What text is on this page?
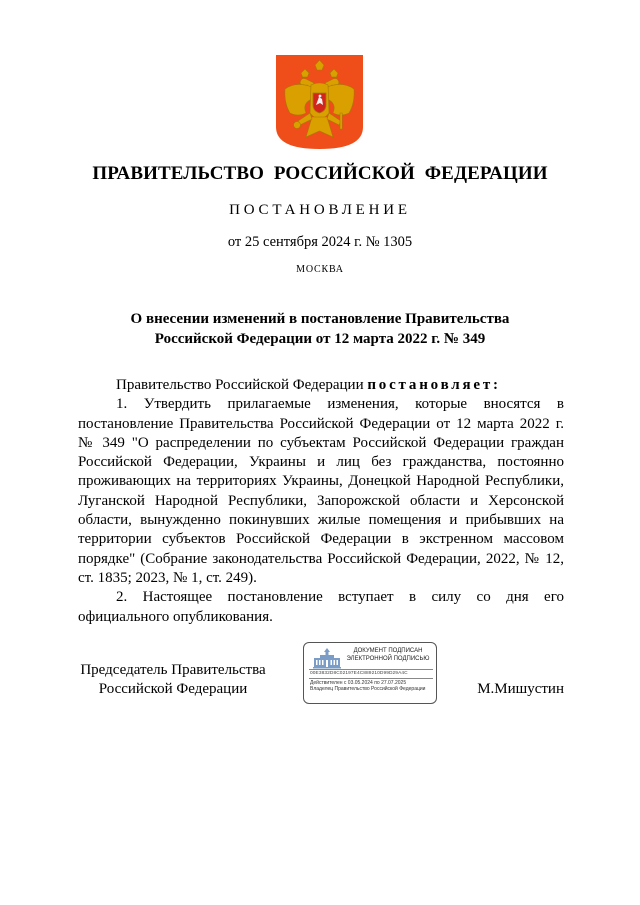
ПРАВИТЕЛЬСТВО РОССИЙСКОЙ ФЕДЕРАЦИИ
ПОСТАНОВЛЕНИЕ
от 25 сентября 2024 г. № 1305
МОСКВА
О внесении изменений в постановление Правительства
Российской Федерации от 12 марта 2022 г. № 349

Правительство Российской Федерации постановляет:

1. Утвердить прилагаемые изменения, которые вносятся в постановление Правительства Российской Федерации от 12 марта 2022 г. № 349 "О распределении по субъектам Российской Федерации граждан Российской Федерации, Украины и лиц без гражданства, постоянно проживающих на территориях Украины, Донецкой Народной Республики, Луганской Народной Республики, Запорожской области и Херсонской области, вынужденно покинувших жилые помещения и прибывших на территории субъектов Российской Федерации в экстренном массовом порядке" (Собрание законодательства Российской Федерации, 2022, № 12, ст. 1835; 2023, № 1, ст. 249).

2. Настоящее постановление вступает в силу со дня его официального опубликования.

Председатель Правительства
Российской Федерации
ДОКУМЕНТ ПОДПИСАН
ЭЛЕКТРОННОЙ ПОДПИСЬЮ
00E3832D8C02197E4C889210D99D29A4C
Действителен с 03.05.2024 по 27.07.2025
Владелец Правительство Российской Федерации	М.Мишустин
